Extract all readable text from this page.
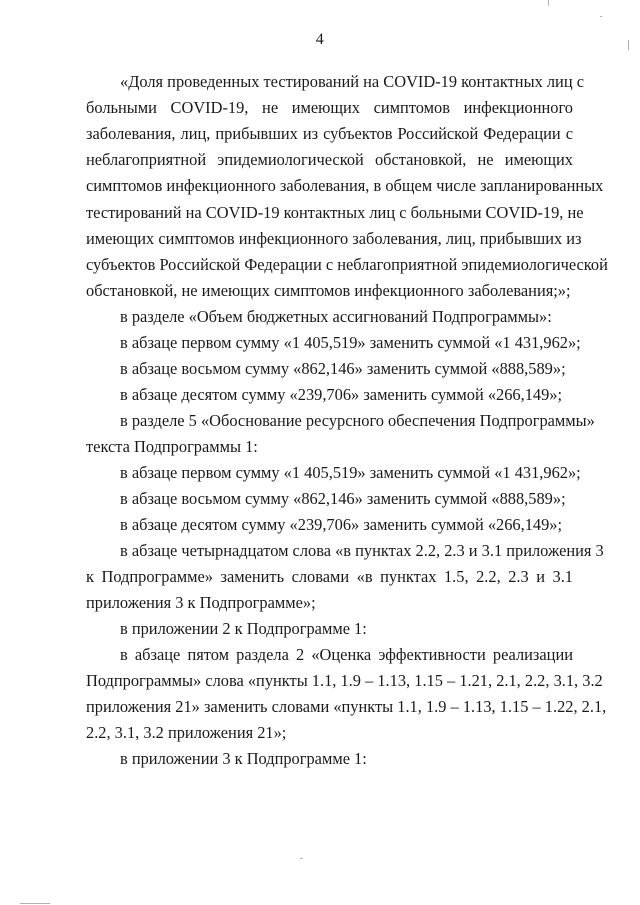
4
«Доля проведенных тестирований на COVID-19 контактных лиц с
больными COVID-19, не имеющих симптомов инфекционного
заболевания, лиц, прибывших из субъектов Российской Федерации с
неблагоприятной эпидемиологической обстановкой, не имеющих
симптомов инфекционного заболевания, в общем числе запланированных
тестирований на COVID-19 контактных лиц с больными COVID-19, не
имеющих симптомов инфекционного заболевания, лиц, прибывших из
субъектов Российской Федерации с неблагоприятной эпидемиологической
обстановкой, не имеющих симптомов инфекционного заболевания;»;
в разделе «Объем бюджетных ассигнований Подпрограммы»:
в абзаце первом сумму «1 405,519» заменить суммой «1 431,962»;
в абзаце восьмом сумму «862,146» заменить суммой «888,589»;
в абзаце десятом сумму «239,706» заменить суммой «266,149»;
в разделе 5 «Обоснование ресурсного обеспечения Подпрограммы»
текста Подпрограммы 1:
в абзаце первом сумму «1 405,519» заменить суммой «1 431,962»;
в абзаце восьмом сумму «862,146» заменить суммой «888,589»;
в абзаце десятом сумму «239,706» заменить суммой «266,149»;
в абзаце четырнадцатом слова «в пунктах 2.2, 2.3 и 3.1 приложения 3
к Подпрограмме» заменить словами «в пунктах 1.5, 2.2, 2.3 и 3.1
приложения 3 к Подпрограмме»;
в приложении 2 к Подпрограмме 1:
в абзаце пятом раздела 2 «Оценка эффективности реализации
Подпрограммы» слова «пункты 1.1, 1.9 – 1.13, 1.15 – 1.21, 2.1, 2.2, 3.1, 3.2
приложения 21» заменить словами «пункты 1.1, 1.9 – 1.13, 1.15 – 1.22, 2.1,
2.2, 3.1, 3.2 приложения 21»;
в приложении 3 к Подпрограмме 1:
